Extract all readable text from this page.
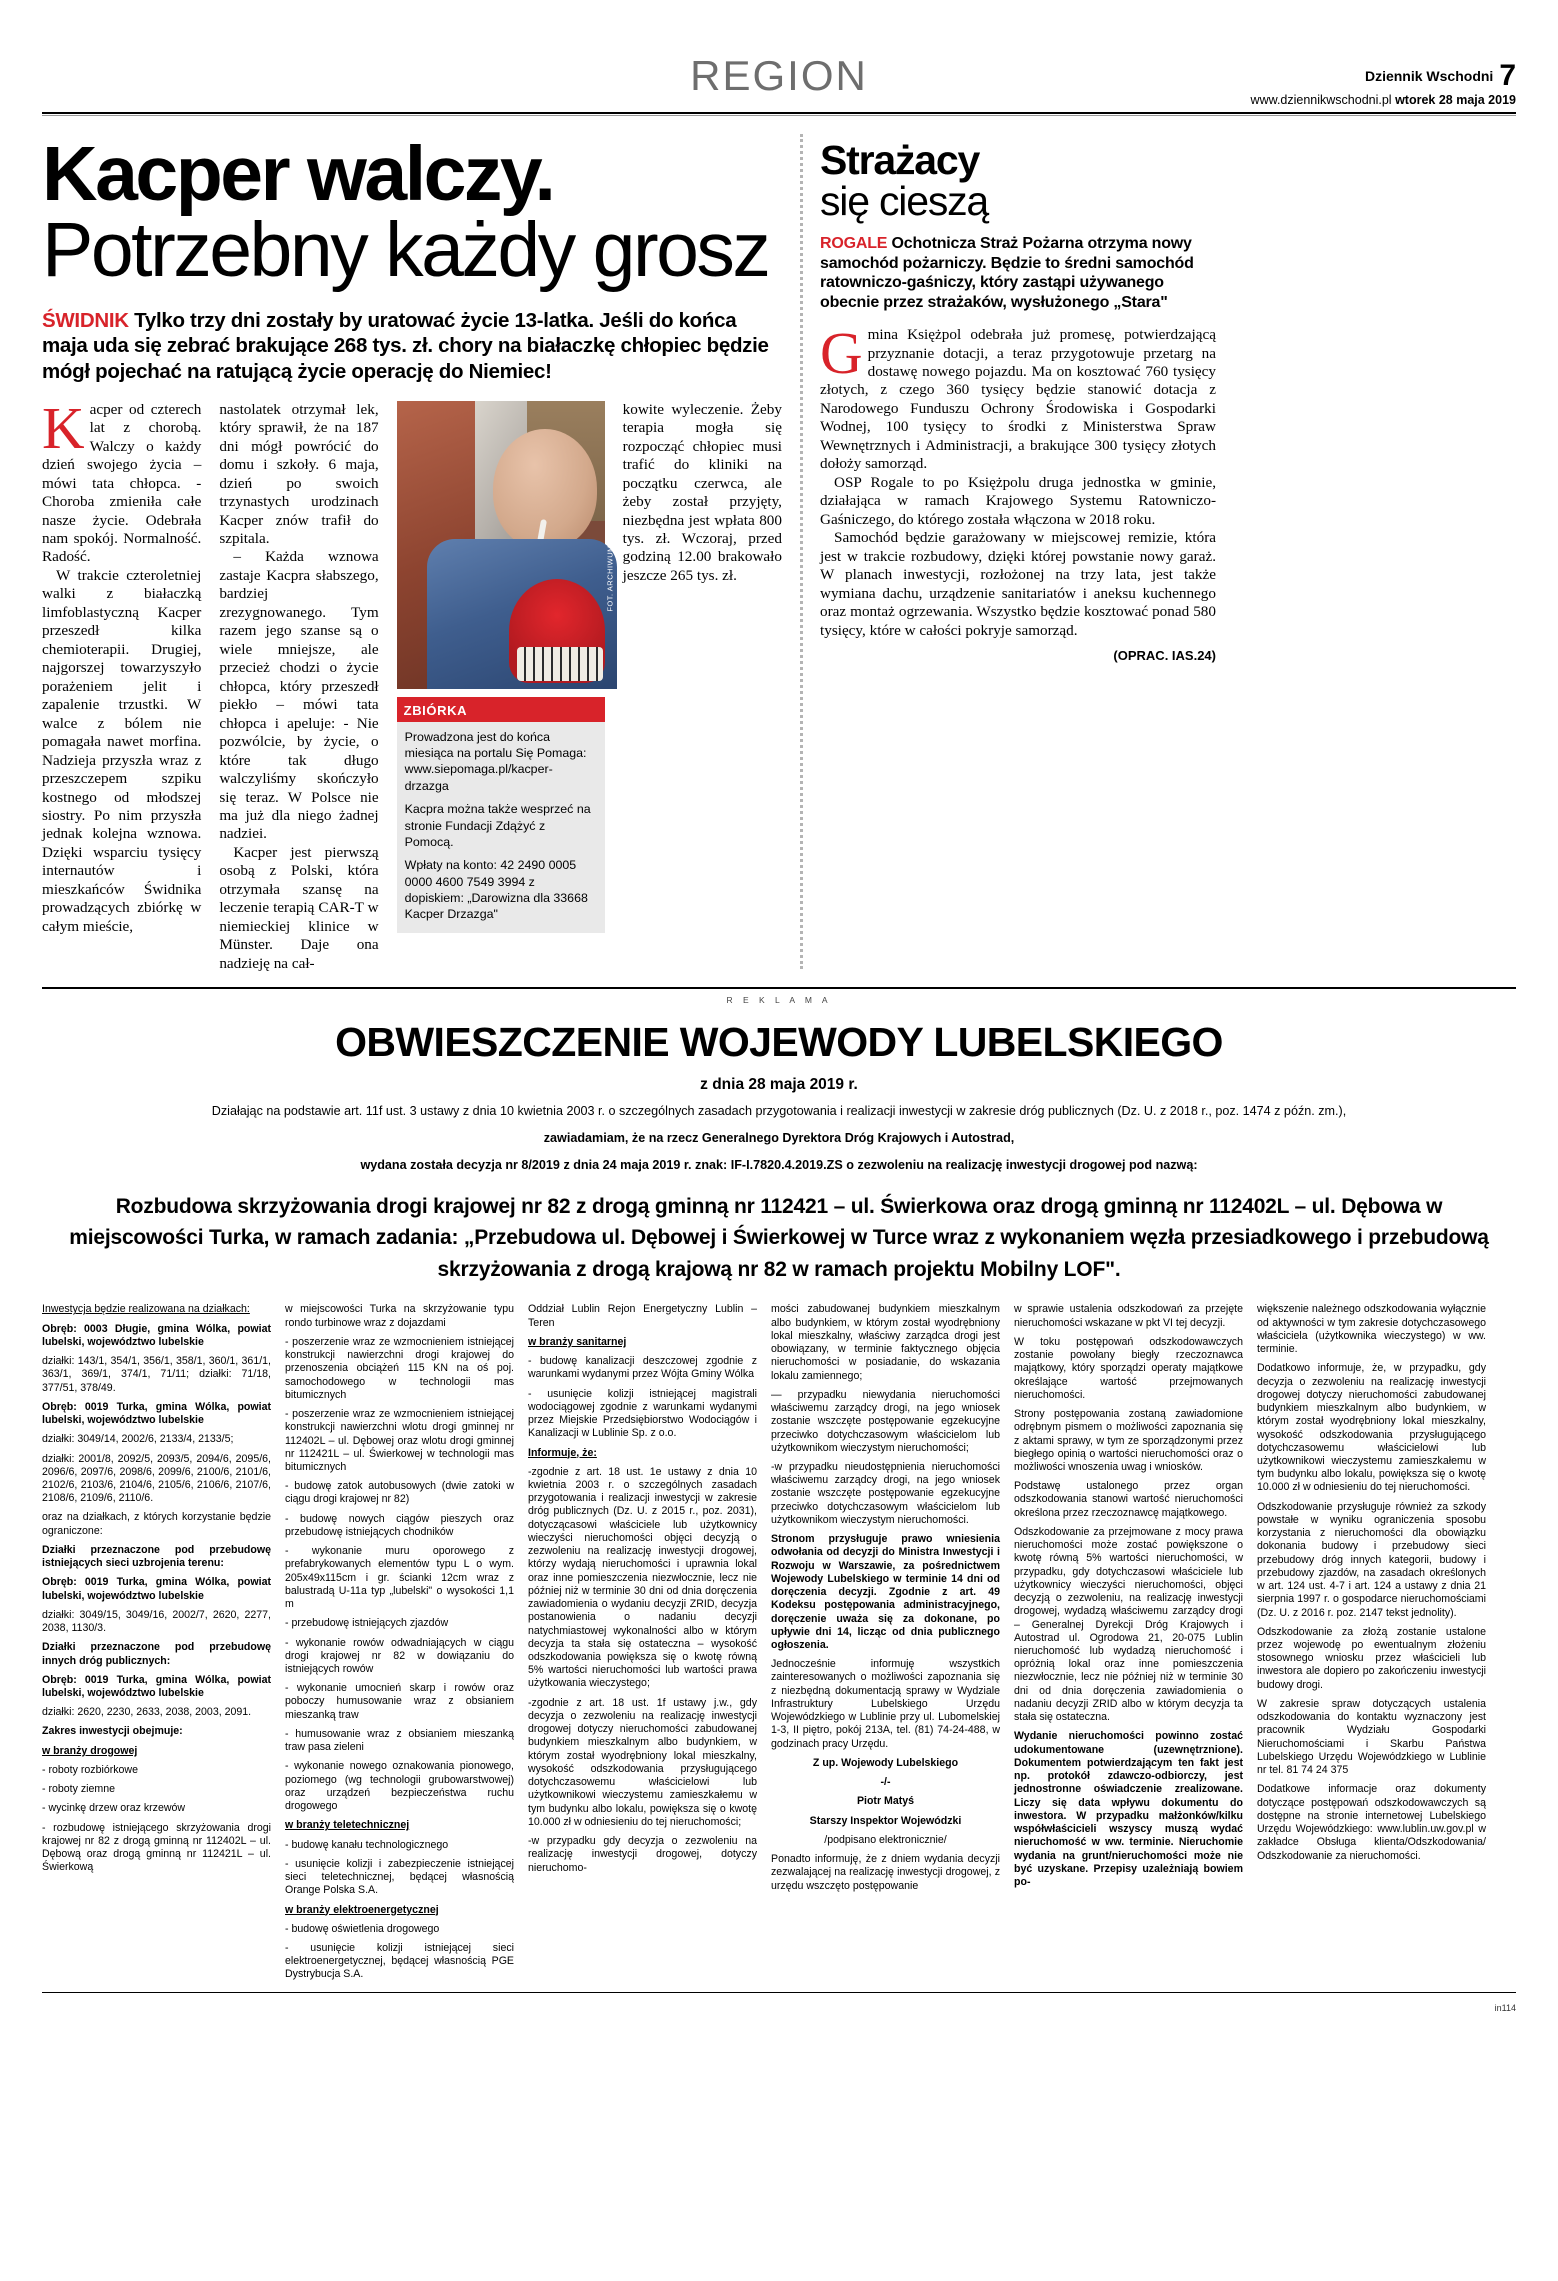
REGION	Dziennik Wschodni 7
www.dziennikwschodni.pl wtorek 28 maja 2019
Kacper walczy.
Potrzebny każdy grosz
ŚWIDNIK Tylko trzy dni zostały by uratować życie 13-latka. Jeśli do końca maja uda się zebrać brakujące 268 tys. zł. chory na białaczkę chłopiec będzie mógł pojechać na ratującą życie operację do Niemiec!

Kacper od czterech lat z chorobą. Walczy o każdy dzień swojego życia – mówi tata chłopca. - Choroba zmieniła całe nasze życie. Odebrała nam spokój. Normalność. Radość.

W trakcie czteroletniej walki z białaczką limfoblastyczną Kacper przeszedł kilka chemioterapii. Drugiej, najgorszej towarzyszyło porażeniem jelit i zapalenie trzustki. W walce z bólem nie pomagała nawet morfina. Nadzieja przyszła wraz z przeszczepem szpiku kostnego od młodszej siostry. Po nim przyszła jednak kolejna wznowa. Dzięki wsparciu tysięcy internautów i mieszkańców Świdnika prowadzących zbiórkę w całym mieście,

nastolatek otrzymał lek, który sprawił, że na 187 dni mógł powrócić do domu i szkoły. 6 maja, dzień po swoich trzynastych urodzinach Kacper znów trafił do szpitala.

– Każda wznowa zastaje Kacpra słabszego, bardziej zrezygnowanego. Tym razem jego szanse są o wiele mniejsze, ale przecież chodzi o życie chłopca, który przeszedł piekło – mówi tata chłopca i apeluje: - Nie pozwólcie, by życie, o które tak długo walczyliśmy skończyło się teraz. W Polsce nie ma już dla niego żadnej nadziei.

Kacper jest pierwszą osobą z Polski, która otrzymała szansę na leczenie terapią CAR-T w niemieckiej klinice w Münster. Daje ona nadzieję na cał-

FOT. ARCHIWUM PRYWATNE
ZBIÓRKA

Prowadzona jest do końca miesiąca na portalu Się Pomaga: www.siepomaga.pl/kacper-drzazga

Kacpra można także wesprzeć na stronie Fundacji Zdążyć z Pomocą.

Wpłaty na konto: 42 2490 0005 0000 4600 7549 3994 z dopiskiem: „Darowizna dla 33668 Kacper Drzazga"

kowite wyleczenie. Żeby terapia mogła się rozpocząć chłopiec musi trafić do kliniki na początku czerwca, ale żeby został przyjęty, niezbędna jest wpłata 800 tys. zł. Wczoraj, przed godziną 12.00 brakowało jeszcze 265 tys. zł.

Strażacy
się cieszą
ROGALE Ochotnicza Straż Pożarna otrzyma nowy samochód pożarniczy. Będzie to średni samochód ratowniczo-gaśniczy, który zastąpi używanego obecnie przez strażaków, wysłużonego „Stara"

Gmina Księżpol odebrała już promesę, potwierdzającą przyznanie dotacji, a teraz przygotowuje przetarg na dostawę nowego pojazdu. Ma on kosztować 760 tysięcy złotych, z czego 360 tysięcy będzie stanowić dotacja z Narodowego Funduszu Ochrony Środowiska i Gospodarki Wodnej, 100 tysięcy to środki z Ministerstwa Spraw Wewnętrznych i Administracji, a brakujące 300 tysięcy złotych dołoży samorząd.

OSP Rogale to po Księżpolu druga jednostka w gminie, działająca w ramach Krajowego Systemu Ratowniczo-Gaśniczego, do którego została włączona w 2018 roku.

Samochód będzie garażowany w miejscowej remizie, która jest w trakcie rozbudowy, dzięki której powstanie nowy garaż. W planach inwestycji, rozłożonej na trzy lata, jest także wymiana dachu, urządzenie sanitariatów i aneksu kuchennego oraz montaż ogrzewania. Wszystko będzie kosztować ponad 580 tysięcy, które w całości pokryje samorząd.

(OPRAC. IAS.24)
R E K L A M A
OBWIESZCZENIE WOJEWODY LUBELSKIEGO
z dnia 28 maja 2019 r.
Działając na podstawie art. 11f ust. 3 ustawy z dnia 10 kwietnia 2003 r. o szczególnych zasadach przygotowania i realizacji inwestycji w zakresie dróg publicznych (Dz. U. z 2018 r., poz. 1474 z późn. zm.),
zawiadamiam, że na rzecz Generalnego Dyrektora Dróg Krajowych i Autostrad,
wydana została decyzja nr 8/2019 z dnia 24 maja 2019 r. znak: IF-I.7820.4.2019.ZS o zezwoleniu na realizację inwestycji drogowej pod nazwą:
Rozbudowa skrzyżowania drogi krajowej nr 82 z drogą gminną nr 112421 – ul. Świerkowa oraz drogą gminną nr 112402L – ul. Dębowa w miejscowości Turka, w ramach zadania: „Przebudowa ul. Dębowej i Świerkowej w Turce wraz z wykonaniem węzła przesiadkowego i przebudową skrzyżowania z drogą krajową nr 82 w ramach projektu Mobilny LOF".

Inwestycja będzie realizowana na działkach:

Obręb: 0003 Długie, gmina Wólka, powiat lubelski, województwo lubelskie

działki: 143/1, 354/1, 356/1, 358/1, 360/1, 361/1, 363/1, 369/1, 374/1, 71/11; działki: 71/18, 377/51, 378/49.

Obręb: 0019 Turka, gmina Wólka, powiat lubelski, województwo lubelskie

działki: 3049/14, 2002/6, 2133/4, 2133/5;

działki: 2001/8, 2092/5, 2093/5, 2094/6, 2095/6, 2096/6, 2097/6, 2098/6, 2099/6, 2100/6, 2101/6, 2102/6, 2103/6, 2104/6, 2105/6, 2106/6, 2107/6, 2108/6, 2109/6, 2110/6.

oraz na działkach, z których korzystanie będzie ograniczone:

Działki przeznaczone pod przebudowę istniejących sieci uzbrojenia terenu:

Obręb: 0019 Turka, gmina Wólka, powiat lubelski, województwo lubelskie

działki: 3049/15, 3049/16, 2002/7, 2620, 2277, 2038, 1130/3.

Działki przeznaczone pod przebudowę innych dróg publicznych:

Obręb: 0019 Turka, gmina Wólka, powiat lubelski, województwo lubelskie

działki: 2620, 2230, 2633, 2038, 2003, 2091.

Zakres inwestycji obejmuje:

w branży drogowej

- roboty rozbiórkowe

- roboty ziemne

- wycinkę drzew oraz krzewów

- rozbudowę istniejącego skrzyżowania drogi krajowej nr 82 z drogą gminną nr 112402L – ul. Dębową oraz drogą gminną nr 112421L – ul. Świerkową

w miejscowości Turka na skrzyżowanie typu rondo turbinowe wraz z dojazdami

- poszerzenie wraz ze wzmocnieniem istniejącej konstrukcji nawierzchni drogi krajowej do przenoszenia obciążeń 115 KN na oś poj. samochodowego w technologii mas bitumicznych

- poszerzenie wraz ze wzmocnieniem istniejącej konstrukcji nawierzchni wlotu drogi gminnej nr 112402L – ul. Dębowej oraz wlotu drogi gminnej nr 112421L – ul. Świerkowej w technologii mas bitumicznych

- budowę zatok autobusowych (dwie zatoki w ciągu drogi krajowej nr 82)

- budowę nowych ciągów pieszych oraz przebudowę istniejących chodników

- wykonanie muru oporowego z prefabrykowanych elementów typu L o wym. 205x49x115cm i gr. ścianki 12cm wraz z balustradą U-11a typ „lubelski" o wysokości 1,1 m

- przebudowę istniejących zjazdów

- wykonanie rowów odwadniających w ciągu drogi krajowej nr 82 w dowiązaniu do istniejących rowów

- wykonanie umocnień skarp i rowów oraz poboczy humusowanie wraz z obsianiem mieszanką traw

- humusowanie wraz z obsianiem mieszanką traw pasa zieleni

- wykonanie nowego oznakowania pionowego, poziomego (wg technologii grubowarstwowej) oraz urządzeń bezpieczeństwa ruchu drogowego

w branży teletechnicznej

- budowę kanału technologicznego

- usunięcie kolizji i zabezpieczenie istniejącej sieci teletechnicznej, będącej własnością Orange Polska S.A.

w branży elektroenergetycznej

- budowę oświetlenia drogowego

- usunięcie kolizji istniejącej sieci elektroenergetycznej, będącej własnością PGE Dystrybucja S.A.

Oddział Lublin Rejon Energetyczny Lublin – Teren

w branży sanitarnej

- budowę kanalizacji deszczowej zgodnie z warunkami wydanymi przez Wójta Gminy Wólka

- usunięcie kolizji istniejącej magistrali wodociągowej zgodnie z warunkami wydanymi przez Miejskie Przedsiębiorstwo Wodociągów i Kanalizacji w Lublinie Sp. z o.o.

Informuje, że:

-zgodnie z art. 18 ust. 1e ustawy z dnia 10 kwietnia 2003 r. o szczególnych zasadach przygotowania i realizacji inwestycji w zakresie dróg publicznych (Dz. U. z 2015 r., poz. 2031), dotyczącasowi właściciele lub użytkownicy wieczyści nieruchomości objęci decyzją o zezwoleniu na realizację inwestycji drogowej, którzy wydają nieruchomości i uprawnia lokal oraz inne pomieszczenia niezwłocznie, lecz nie później niż w terminie 30 dni od dnia doręczenia zawiadomienia o wydaniu decyzji ZRID, decyzja postanowienia o nadaniu decyzji natychmiastowej wykonalności albo w którym decyzja ta stała się ostateczna – wysokość odszkodowania powiększa się o kwotę równą 5% wartości nieruchomości lub wartości prawa użytkowania wieczystego;

-zgodnie z art. 18 ust. 1f ustawy j.w., gdy decyzja o zezwoleniu na realizację inwestycji drogowej dotyczy nieruchomości zabudowanej budynkiem mieszkalnym albo budynkiem, w którym został wyodrębniony lokal mieszkalny, wysokość odszkodowania przysługującego dotychczasowemu właścicielowi lub użytkownikowi wieczystemu zamieszkałemu w tym budynku albo lokalu, powiększa się o kwotę 10.000 zł w odniesieniu do tej nieruchomości;

-w przypadku gdy decyzja o zezwoleniu na realizację inwestycji drogowej, dotyczy nieruchomo-

mości zabudowanej budynkiem mieszkalnym albo budynkiem, w którym został wyodrębniony lokal mieszkalny, właściwy zarządca drogi jest obowiązany, w terminie faktycznego objęcia nieruchomości w posiadanie, do wskazania lokalu zamiennego;

— przypadku niewydania nieruchomości właściwemu zarządcy drogi, na jego wniosek zostanie wszczęte postępowanie egzekucyjne przeciwko dotychczasowym właścicielom lub użytkownikom wieczystym nieruchomości;

-w przypadku nieudostępnienia nieruchomości właściwemu zarządcy drogi, na jego wniosek zostanie wszczęte postępowanie egzekucyjne przeciwko dotychczasowym właścicielom lub użytkownikom wieczystym nieruchomości.

Stronom przysługuje prawo wniesienia odwołania od decyzji do Ministra Inwestycji i Rozwoju w Warszawie, za pośrednictwem Wojewody Lubelskiego w terminie 14 dni od doręczenia decyzji. Zgodnie z art. 49 Kodeksu postępowania administracyjnego, doręczenie uważa się za dokonane, po upływie dni 14, licząc od dnia publicznego ogłoszenia.

Jednocześnie informuję wszystkich zainteresowanych o możliwości zapoznania się z niezbędną dokumentacją sprawy w Wydziale Infrastruktury Lubelskiego Urzędu Wojewódzkiego w Lublinie przy ul. Lubomelskiej 1-3, II piętro, pokój 213A, tel. (81) 74-24-488, w godzinach pracy Urzędu.

Z up. Wojewody Lubelskiego

-/-

Piotr Matyś

Starszy Inspektor Wojewódzki

/podpisano elektronicznie/

Ponadto informuję, że z dniem wydania decyzji zezwalającej na realizację inwestycji drogowej, z urzędu wszczęto postępowanie

w sprawie ustalenia odszkodowań za przejęte nieruchomości wskazane w pkt VI tej decyzji.

W toku postępowań odszkodowawczych zostanie powołany biegły rzeczoznawca majątkowy, który sporządzi operaty majątkowe określające wartość przejmowanych nieruchomości.

Strony postępowania zostaną zawiadomione odrębnym pismem o możliwości zapoznania się z aktami sprawy, w tym ze sporządzonymi przez biegłego opinią o wartości nieruchomości oraz o możliwości wnoszenia uwag i wniosków.

Podstawę ustalonego przez organ odszkodowania stanowi wartość nieruchomości określona przez rzeczoznawcę majątkowego.

Odszkodowanie za przejmowane z mocy prawa nieruchomości może zostać powiększone o kwotę równą 5% wartości nieruchomości, w przypadku, gdy dotychczasowi właściciele lub użytkownicy wieczyści nieruchomości, objęci decyzją o zezwoleniu, na realizację inwestycji drogowej, wydadzą właściwemu zarządcy drogi – Generalnej Dyrekcji Dróg Krajowych i Autostrad ul. Ogrodowa 21, 20-075 Lublin nieruchomość lub wydadzą nieruchomość i opróżnią lokal oraz inne pomieszczenia niezwłocznie, lecz nie później niż w terminie 30 dni od dnia doręczenia zawiadomienia o nadaniu decyzji ZRID albo w którym decyzja ta stała się ostateczna.

Wydanie nieruchomości powinno zostać udokumentowane (uzewnętrznione). Dokumentem potwierdzającym ten fakt jest np. protokół zdawczo-odbiorczy, jest jednostronne oświadczenie zrealizowane. Liczy się data wpływu dokumentu do inwestora. W przypadku małżonków/kilku współwłaścicieli wszyscy muszą wydać nieruchomość w ww. terminie. Nieruchomie wydania na grunt/nieruchomości może nie być uzyskane. Przepisy uzależniają bowiem po-

większenie należnego odszkodowania wyłącznie od aktywności w tym zakresie dotychczasowego właściciela (użytkownika wieczystego) w ww. terminie.

Dodatkowo informuje, że, w przypadku, gdy decyzja o zezwoleniu na realizację inwestycji drogowej dotyczy nieruchomości zabudowanej budynkiem mieszkalnym albo budynkiem, w którym został wyodrębniony lokal mieszkalny, wysokość odszkodowania przysługującego dotychczasowemu właścicielowi lub użytkownikowi wieczystemu zamieszkałemu w tym budynku albo lokalu, powiększa się o kwotę 10.000 zł w odniesieniu do tej nieruchomości.

Odszkodowanie przysługuje również za szkody powstałe w wyniku ograniczenia sposobu korzystania z nieruchomości dla obowiązku dokonania budowy i przebudowy sieci przebudowy dróg innych kategorii, budowy i przebudowy zjazdów, na zasadach określonych w art. 124 ust. 4-7 i art. 124 a ustawy z dnia 21 sierpnia 1997 r. o gospodarce nieruchomościami (Dz. U. z 2016 r. poz. 2147 tekst jednolity).

Odszkodowanie za złożą zostanie ustalone przez wojewodę po ewentualnym złożeniu stosownego wniosku przez właścicieli lub inwestora ale dopiero po zakończeniu inwestycji budowy drogi.

W zakresie spraw dotyczących ustalenia odszkodowania do kontaktu wyznaczony jest pracownik Wydziału Gospodarki Nieruchomościami i Skarbu Państwa Lubelskiego Urzędu Wojewódzkiego w Lublinie nr tel. 81 74 24 375

Dodatkowe informacje oraz dokumenty dotyczące postępowań odszkodowawczych są dostępne na stronie internetowej Lubelskiego Urzędu Wojewódzkiego: www.lublin.uw.gov.pl w zakładce Obsługa klienta/Odszkodowania/ Odszkodowanie za nieruchomości.

in114
